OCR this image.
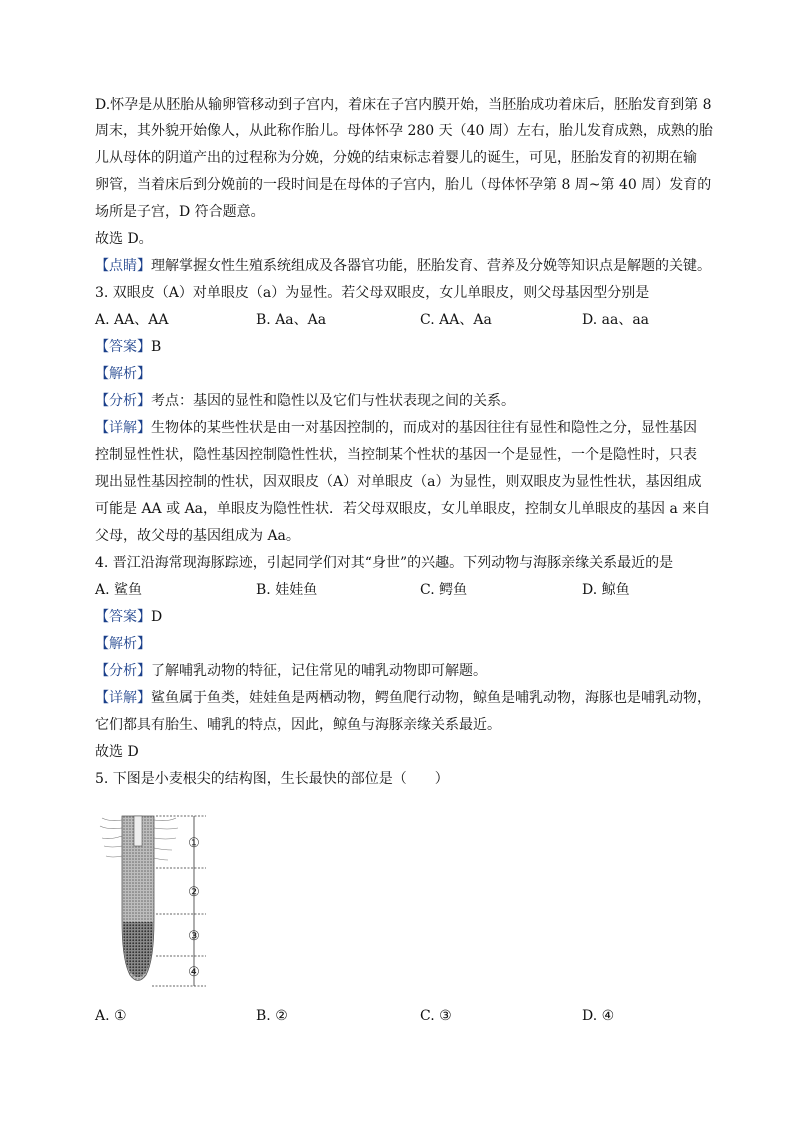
D.怀孕是从胚胎从输卵管移动到子宫内，着床在子宫内膜开始，当胚胎成功着床后，胚胎发育到第 8
周末，其外貌开始像人，从此称作胎儿。母体怀孕 280 天（40 周）左右，胎儿发育成熟，成熟的胎
儿从母体的阴道产出的过程称为分娩，分娩的结束标志着婴儿的诞生，可见，胚胎发育的初期在输
卵管，当着床后到分娩前的一段时间是在母体的子宫内，胎儿（母体怀孕第 8 周~第 40 周）发育的
场所是子宫，D 符合题意。
故选 D。
【点睛】理解掌握女性生殖系统组成及各器官功能，胚胎发育、营养及分娩等知识点是解题的关键。
3. 双眼皮（A）对单眼皮（a）为显性。若父母双眼皮，女儿单眼皮，则父母基因型分别是
A. AA、AA	B. Aa、Aa	C. AA、Aa	D. aa、aa
【答案】B
【解析】
【分析】考点：基因的显性和隐性以及它们与性状表现之间的关系。
【详解】生物体的某些性状是由一对基因控制的，而成对的基因往往有显性和隐性之分，显性基因
控制显性性状，隐性基因控制隐性性状，当控制某个性状的基因一个是显性，一个是隐性时，只表
现出显性基因控制的性状，因双眼皮（A）对单眼皮（a）为显性，则双眼皮为显性性状，基因组成
可能是 AA 或 Aa，单眼皮为隐性性状．若父母双眼皮，女儿单眼皮，控制女儿单眼皮的基因 a 来自
父母，故父母的基因组成为 Aa。
4. 晋江沿海常现海豚踪迹，引起同学们对其“身世”的兴趣。下列动物与海豚亲缘关系最近的是
A. 鲨鱼	B. 娃娃鱼	C. 鳄鱼	D. 鲸鱼
【答案】D
【解析】
【分析】了解哺乳动物的特征，记住常见的哺乳动物即可解题。
【详解】鲨鱼属于鱼类，娃娃鱼是两栖动物，鳄鱼爬行动物，鲸鱼是哺乳动物，海豚也是哺乳动物，
它们都具有胎生、哺乳的特点，因此，鲸鱼与海豚亲缘关系最近。
故选 D
5. 下图是小麦根尖的结构图，生长最快的部位是（　　）
①
②
③
④
A. ①	B. ②	C. ③	D. ④
